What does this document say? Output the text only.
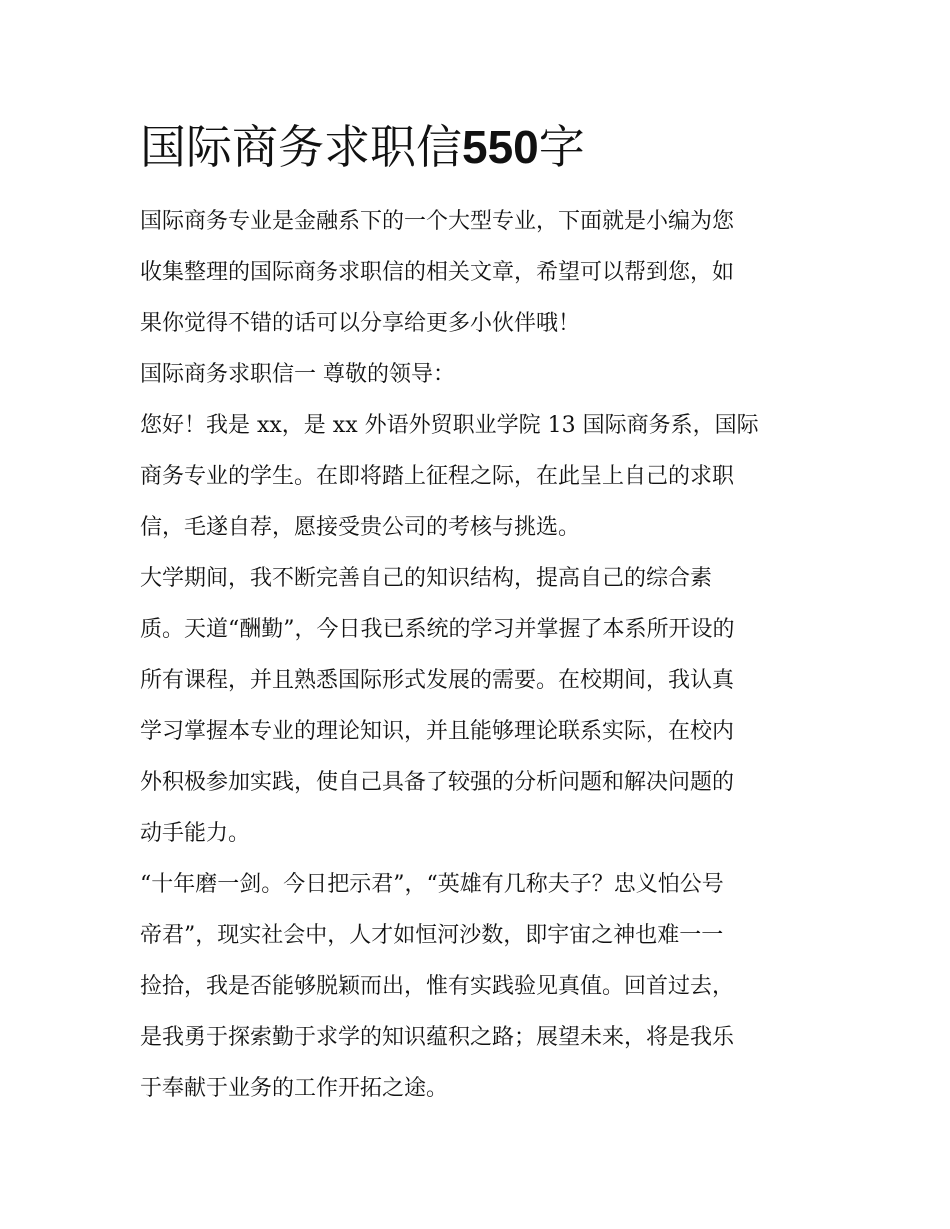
国际商务求职信550字

国际商务专业是金融系下的一个大型专业，下面就是小编为您
收集整理的国际商务求职信的相关文章，希望可以帮到您，如
果你觉得不错的话可以分享给更多小伙伴哦！

国际商务求职信一 尊敬的领导：

您好！我是 xx，是 xx 外语外贸职业学院 13 国际商务系，国际
商务专业的学生。在即将踏上征程之际，在此呈上自己的求职
信，毛遂自荐，愿接受贵公司的考核与挑选。

大学期间，我不断完善自己的知识结构，提高自己的综合素
质。天道“酬勤”，今日我已系统的学习并掌握了本系所开设的
所有课程，并且熟悉国际形式发展的需要。在校期间，我认真
学习掌握本专业的理论知识，并且能够理论联系实际，在校内
外积极参加实践，使自己具备了较强的分析问题和解决问题的
动手能力。

“十年磨一剑。今日把示君”，“英雄有几称夫子？忠义怕公号
帝君”，现实社会中，人才如恒河沙数，即宇宙之神也难一一
捡拾，我是否能够脱颖而出，惟有实践验见真值。回首过去，
是我勇于探索勤于求学的知识蕴积之路；展望未来，将是我乐
于奉献于业务的工作开拓之途。
